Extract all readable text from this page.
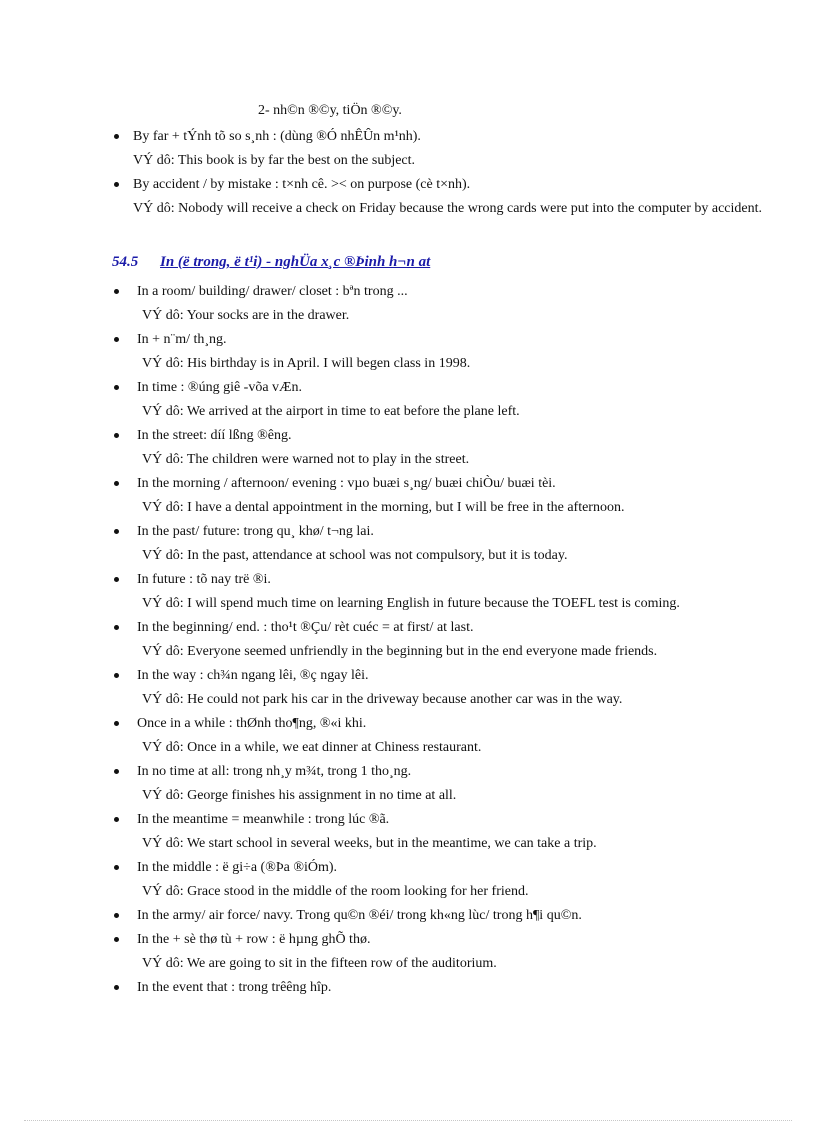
2- nh©n ®©y, tiÖn ®©y.
By far + tÝnh tõ so s¸nh : (dùng ®Ó nhÊÛn m¹nh).
VÝ dô: This book is by far the best on the subject.
By accident / by mistake : t×nh cê. >< on purpose (cè t×nh).
VÝ dô: Nobody will receive a check on Friday because the wrong cards were put into the computer by accident.
54.5 In (ë trong, ë t¹i) - nghÜa x¸c ®Þinh h¬n at
In a room/ building/ drawer/ closet : bªn trong ...
VÝ dô: Your socks are in the drawer.
In + n¨m/ th¸ng.
VÝ dô: His birthday is in April. I will begen class in 1998.
In time : ®úng giê -võa vÆn.
VÝ dô: We arrived at the airport in time to eat before the plane left.
In the street: díí lßng ®êng.
VÝ dô: The children were warned not to play in the street.
In the morning / afternoon/ evening : vµo buæi s¸ng/ buæi chiÒu/ buæi tèi.
VÝ dô: I have a dental appointment in the morning, but I will be free in the afternoon.
In the past/ future: trong qu¸ khø/ t¬ng lai.
VÝ dô: In the past, attendance at school was not compulsory, but it is today.
In future : tõ nay trë ®i.
VÝ dô: I will spend much time on learning English in future because the TOEFL test is coming.
In the beginning/ end. : tho¹t ®Çu/ rèt cuéc = at first/ at last.
VÝ dô: Everyone seemed unfriendly in the beginning but in the end everyone made friends.
In the way : ch¾n ngang lêi, ®ç ngay lêi.
VÝ dô: He could not park his car in the driveway because another car was in the way.
Once in a while : thØnh tho¶ng, ®«i khi.
VÝ dô: Once in a while, we eat dinner at Chiness restaurant.
In no time at all: trong nh¸y m¾t, trong 1 tho¸ng.
VÝ dô: George finishes his assignment in no time at all.
In the meantime = meanwhile : trong lúc ®ã.
VÝ dô: We start school in several weeks, but in the meantime, we can take a trip.
In the middle : ë gi÷a (®Þa ®iÓm).
VÝ dô: Grace stood in the middle of the room looking for her friend.
In the army/ air force/ navy. Trong qu©n ®éi/ trong kh«ng lùc/ trong h¶i qu©n.
In the + sè thø tù + row : ë hµng ghÕ thø.
VÝ dô: We are going to sit in the fifteen row of the auditorium.
In the event that : trong trêêng hîp.
